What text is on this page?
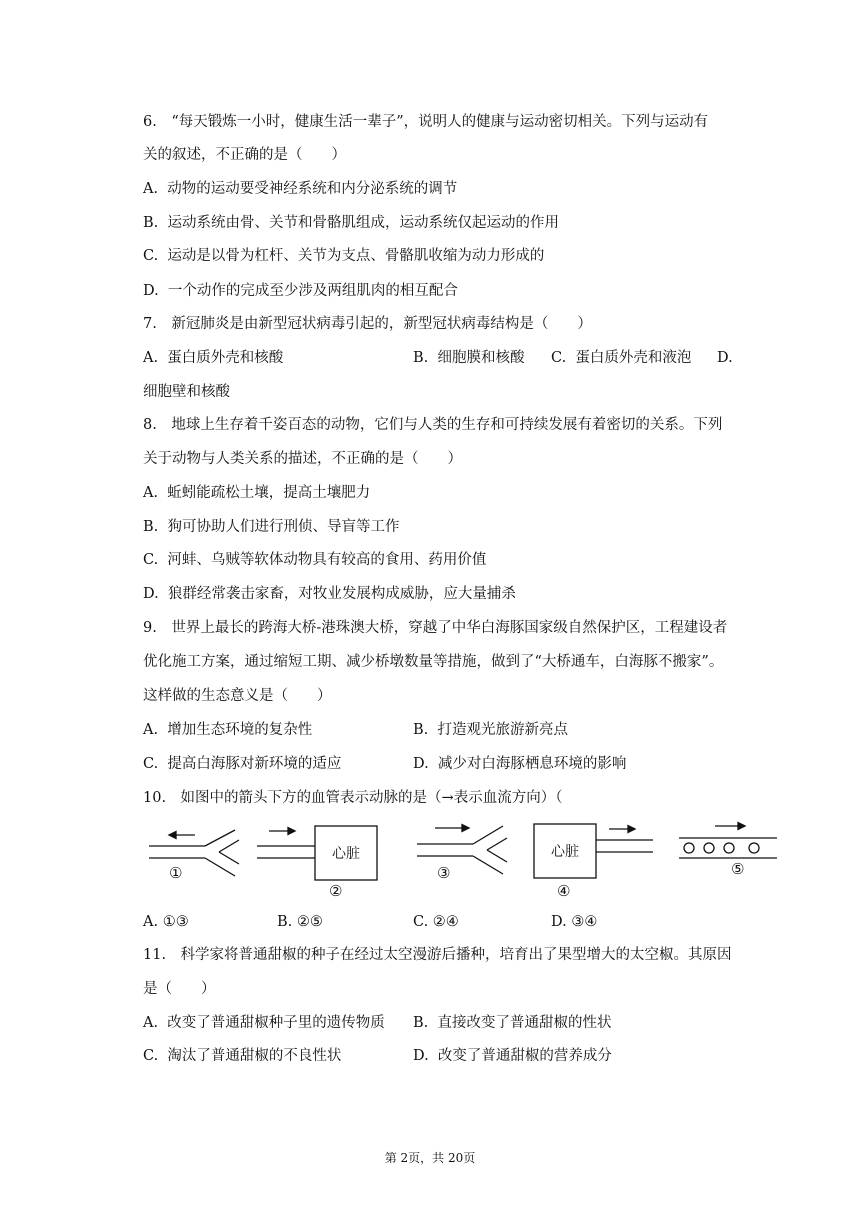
6.　“每天锻炼一小时，健康生活一辈子”，说明人的健康与运动密切相关。下列与运动有
关的叙述，不正确的是（　　）
A.  动物的运动要受神经系统和内分泌系统的调节
B.  运动系统由骨、关节和骨骼肌组成，运动系统仅起运动的作用
C.  运动是以骨为杠杆、关节为支点、骨骼肌收缩为动力形成的
D.  一个动作的完成至少涉及两组肌肉的相互配合
7.　新冠肺炎是由新型冠状病毒引起的，新型冠状病毒结构是（　　）
A.  蛋白质外壳和核酸	B.  细胞膜和核酸 C.  蛋白质外壳和液泡 D.
细胞壁和核酸
8.　地球上生存着千姿百态的动物，它们与人类的生存和可持续发展有着密切的关系。下列
关于动物与人类关系的描述，不正确的是（　　）
A.  蚯蚓能疏松土壤，提高土壤肥力
B.  狗可协助人们进行刑侦、导盲等工作
C.  河蚌、乌贼等软体动物具有较高的食用、药用价值
D.  狼群经常袭击家畜，对牧业发展构成威胁，应大量捕杀
9.　世界上最长的跨海大桥-港珠澳大桥，穿越了中华白海豚国家级自然保护区，工程建设者
优化施工方案，通过缩短工期、减少桥墩数量等措施，做到了“大桥通车，白海豚不搬家”。
这样做的生态意义是（　　）
A.  增加生态环境的复杂性	B.  打造观光旅游新亮点
C.  提高白海豚对新环境的适应	D.  减少对白海豚栖息环境的影响
10.　如图中的箭头下方的血管表示动脉的是（→表示血流方向）（
心脏	心脏
①
②
③
④
⑤
A. ①③	B. ②⑤	C. ②④	D. ③④
11.　科学家将普通甜椒的种子在经过太空漫游后播种，培育出了果型增大的太空椒。其原因
是（　　）
A.  改变了普通甜椒种子里的遗传物质 B.  直接改变了普通甜椒的性状
C.  淘汰了普通甜椒的不良性状	D.  改变了普通甜椒的营养成分
第 2页，共 20页
